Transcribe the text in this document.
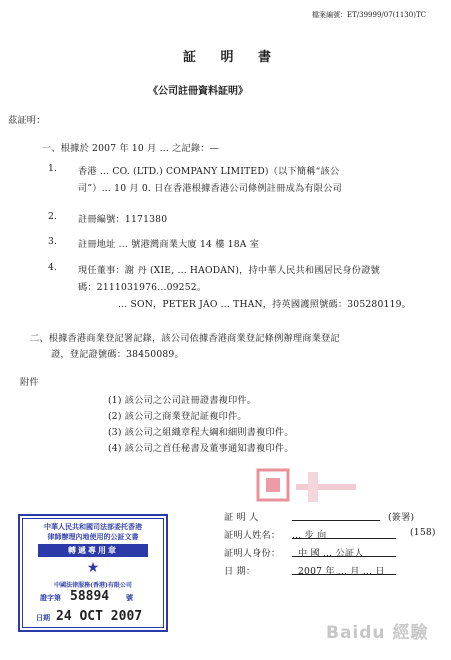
檔案編號：ET/39999/07(1130)TC
証 明 書
《公司註冊資料証明》
茲証明：
一、根據於 2007 年 10 月 ... 之記錄：—
1. 香港 ... CO. (LTD.) COMPANY LIMITED)（以下簡稱“該公
司”）... 10 月 0. 日在香港根據香港公司條例註冊成為有限公司
2. 註冊編號：1171380
3. 註冊地址 ... 號港灣商業大廈 14 樓 18A 室
4. 現任董事：謝 丹 (XIE, ... HAODAN)，持中華人民共和國居民身份證號
碼：2111031976...09252。
... SON，PETER JAO ... THAN，持英國護照號碼：305280119。
二、根據香港商業登記署記錄，該公司依據香港商業登記條例辦理商業登記
證，登記證號碼：38450089。
附件
(1) 該公司之公司註冊證書複印件。
(2) 該公司之商業登記証複印件。
(3) 該公司之組織章程大綱和細則書複印件。
(4) 該公司之首任秘書及董事通知書複印件。
証 明 人	(簽署)
証明人姓名： … 步 向	(158)
証明人身份： 中 國 ... 公証人
日 期：	2007 年 ... 月 ... 日
中華人民共和國司法部委托香港
律師辦理內地使用的公証文書
轉遞專用章
★
中國法律服務(香港)有限公司
證字第 58894 號
日期 24 OCT 2007
Baidu 經驗
